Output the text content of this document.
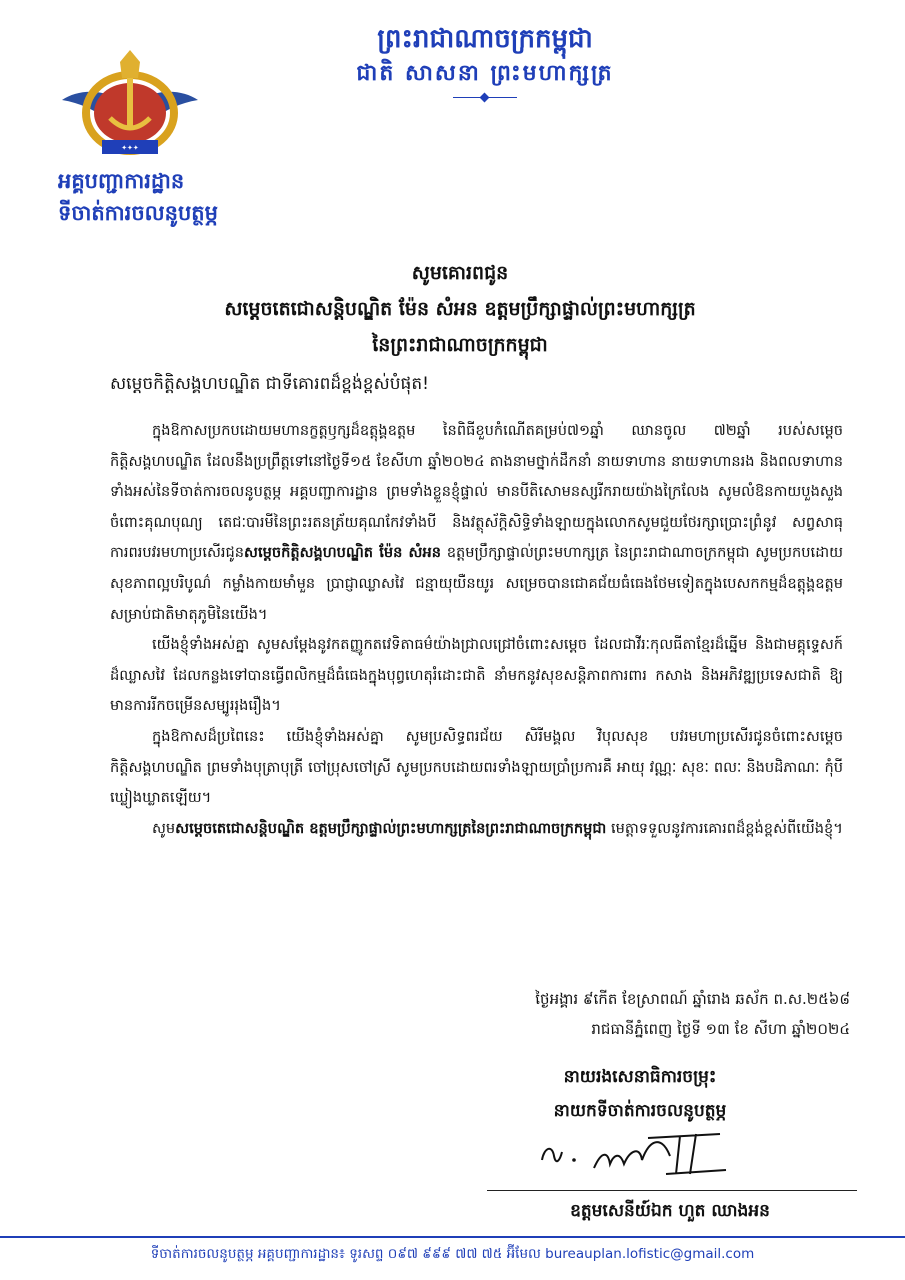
✦✦✦
ព្រះរាជាណាចក្រកម្ពុជា
ជាតិ សាសនា ព្រះមហាក្សត្រ
អគ្គបញ្ជាការដ្ឋាន
ទីចាត់ការចលនូបត្ថម្ភ
សូមគោរពជូន
សម្តេចតេជោសន្តិបណ្ឌិត ម៉ែន សំអន ឧត្តមប្រឹក្សាផ្ទាល់ព្រះមហាក្សត្រ
នៃព្រះរាជាណាចក្រកម្ពុជា
សម្តេចកិត្តិសង្គហបណ្ឌិត ជាទីគោរពដ៏ខ្ពង់ខ្ពស់បំផុត!

ក្នុងឱកាសប្រកបដោយមហានក្ខត្តឫក្សដ៏ឧត្តុង្គឧត្តម នៃពិធីខួបកំណើតគម្រប់៧១ឆ្នាំ ឈានចូល ៧២ឆ្នាំ របស់សម្តេចកិត្តិសង្គហបណ្ឌិត ដែលនឹងប្រព្រឹត្តទៅនៅថ្ងៃទី១៥ ខែសីហា ឆ្នាំ២០២៤ តាងនាមថ្នាក់ដឹកនាំ នាយទាហាន នាយទាហានរង និងពលទាហានទាំងអស់នៃទីចាត់ការចលនូបត្ថម្ភ អគ្គបញ្ជាការដ្ឋាន ព្រមទាំងខ្លួនខ្ញុំផ្ទាល់ មានបីតិសោមនស្សរីករាយយ៉ាងក្រៃលែង សូមលំឱនកាយបួងសួងចំពោះគុណបុណ្យ តេជៈបារមីនៃព្រះរតនត្រ័យគុណកែវទាំងបី និងវត្ថុស័ក្តិសិទ្ធិទាំងឡាយក្នុងលោកសូមជួយថែរក្សាប្រោះព្រំនូវ សព្វសាធុការពរបវរមហាប្រសើរជូនសម្តេចកិត្តិសង្គហបណ្ឌិត ម៉ែន សំអន ឧត្តមប្រឹក្សាផ្ទាល់ព្រះមហាក្សត្រ នៃព្រះរាជាណាចក្រកម្ពុជា សូមប្រកបដោយសុខភាពល្អបរិបូណ៌ កម្លាំងកាយមាំមួន ប្រាជ្ញាឈ្លាសវៃ ជន្មាយុយឺនយូរ សម្រេចបានជោគជ័យធំធេងថែមទៀតក្នុងបេសកកម្មដ៏ឧត្តុង្គឧត្តមសម្រាប់ជាតិមាតុភូមិនៃយើង។

យើងខ្ញុំទាំងអស់គ្នា សូមសម្តែងនូវកតញ្ញូកតវេទិតាធម៌យ៉ាងជ្រាលជ្រៅចំពោះសម្តេច ដែលជាវីរៈកុលធីតាខ្មែរដ៏ឆ្នើម និងជាមគ្គុទ្ទេសក៍ដ៏ឈ្លាសវៃ ដែលកន្លងទៅបានធ្វើពលិកម្មដ៏ធំធេងក្នុងបុព្វហេតុរំដោះជាតិ នាំមកនូវសុខសន្តិភាពការពារ កសាង និងអភិវឌ្ឍប្រទេសជាតិ ឱ្យមានការរីកចម្រើនសម្បូររុងរឿង។

ក្នុងឱកាសដ៏ប្រពៃនេះ យើងខ្ញុំទាំងអស់គ្នា សូមប្រសិទ្ធពរជ័យ សិរីមង្គល វិបុលសុខ បវរមហាប្រសើរជូនចំពោះសម្តេចកិត្តិសង្គហបណ្ឌិត ព្រមទាំងបុត្រាបុត្រី ចៅប្រុសចៅស្រី សូមប្រកបដោយពរទាំងឡាយប្រាំប្រការគឺ អាយុ វណ្ណៈ សុខៈ ពលៈ និងបដិភាណៈ កុំបីឃ្លៀងឃ្លាតឡើយ។

សូមសម្តេចតេជោសន្តិបណ្ឌិត ឧត្តមប្រឹក្សាផ្ទាល់ព្រះមហាក្សត្រនៃព្រះរាជាណាចក្រកម្ពុជា មេត្តាទទួលនូវការគោរពដ៏ខ្ពង់ខ្ពស់ពីយើងខ្ញុំ។

ថ្ងៃអង្គារ ៩កើត ខែស្រាពណ៍ ឆ្នាំរោង ឆស័ក ព.ស.២៥៦៨
រាជធានីភ្នំពេញ ថ្ងៃទី ១៣ ខែ សីហា ឆ្នាំ២០២៤
នាយរងសេនាធិការចម្រុះ
នាយកទីចាត់ការចលនូបត្ថម្ភ
ឧត្តមសេនីយ៍ឯក ហួត ឈាងអន
ទីចាត់ការចលនូបត្ថម្ភ អគ្គបញ្ជាការដ្ឋាន៖ ទូរសព្ទ ០៩៧ ៩៩៩ ៧៧ ៧៥ អ៊ីមែល bureauplan.lofistic@gmail.com
